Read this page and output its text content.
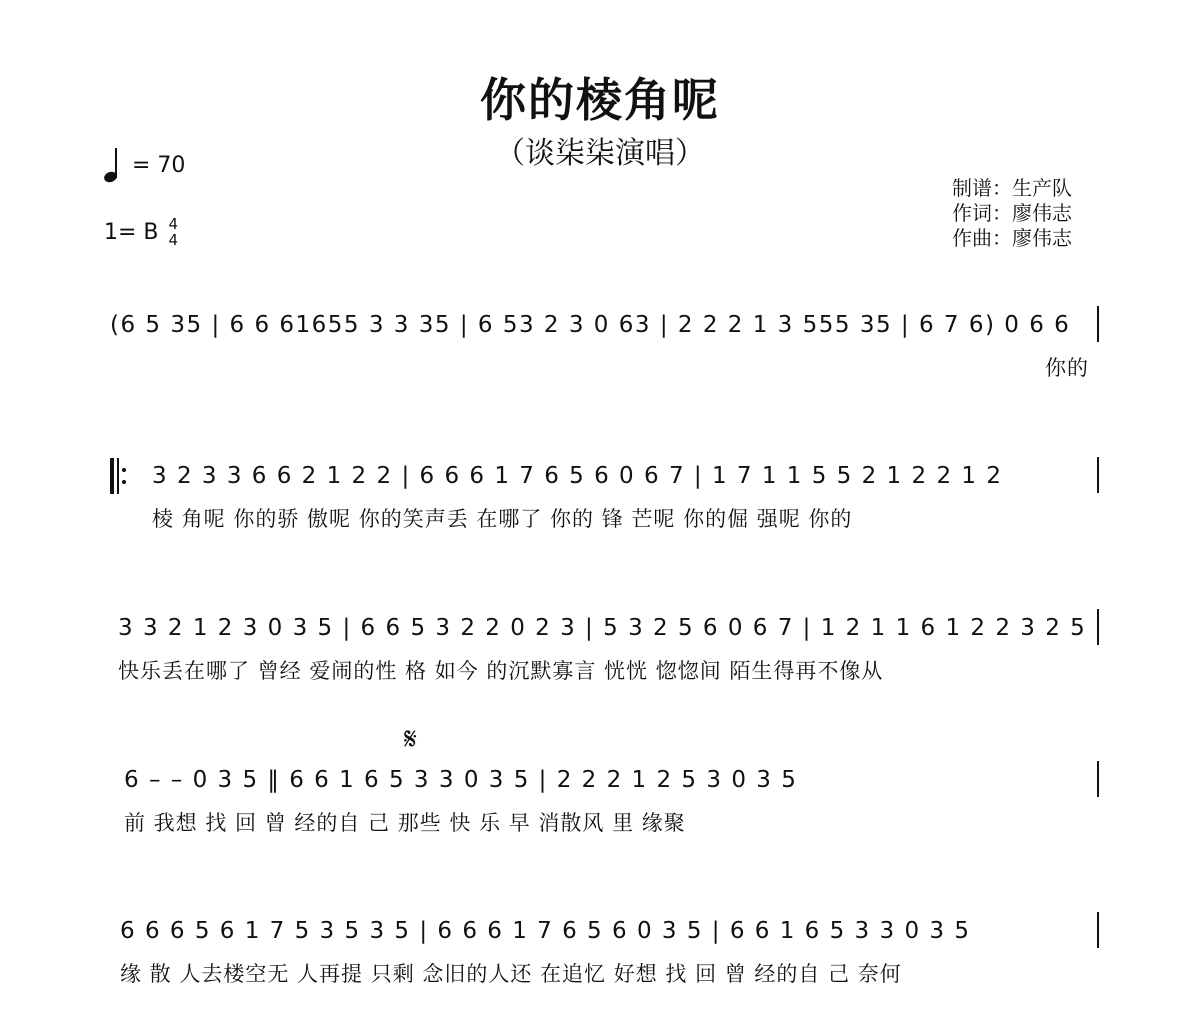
你的棱角呢
（谈柒柒演唱）
= 70
1= B 4
4
制谱：生产队
作词：廖伟志
作曲：廖伟志
𝄋
(6 5 35 | 6 6 61655 3 3 35 | 6 53 2 3 0 63 | 2 2 2 1 3 555 35 | 6 7 6) 0 6 6
你的
3 2 3 3 6 6 2 1 2 2 | 6 6 6 1 7 6 5 6 0 6 7 | 1 7 1 1 5 5 2 1 2 2 1 2
棱 角呢 你的骄 傲呢 你的笑声丢 在哪了 你的 锋 芒呢 你的倔 强呢 你的
3 3 2 1 2 3 0 3 5 | 6 6 5 3 2 2 0 2 3 | 5 3 2 5 6 0 6 7 | 1 2 1 1 6 1 2 2 3 2 5
快乐丢在哪了 曾经 爱闹的性 格 如今 的沉默寡言 恍恍 惚惚间 陌生得再不像从
6 – – 0 3 5 ‖ 6 6 1 6 5 3 3 0 3 5 | 2 2 2 1 2 5 3 0 3 5
前 我想 找 回 曾 经的自 己 那些 快 乐 早 消散风 里 缘聚
6 6 6 5 6 1 7 5 3 5 3 5 | 6 6 6 1 7 6 5 6 0 3 5 | 6 6 1 6 5 3 3 0 3 5
缘 散 人去楼空无 人再提 只剩 念旧的人还 在追忆 好想 找 回 曾 经的自 己 奈何
